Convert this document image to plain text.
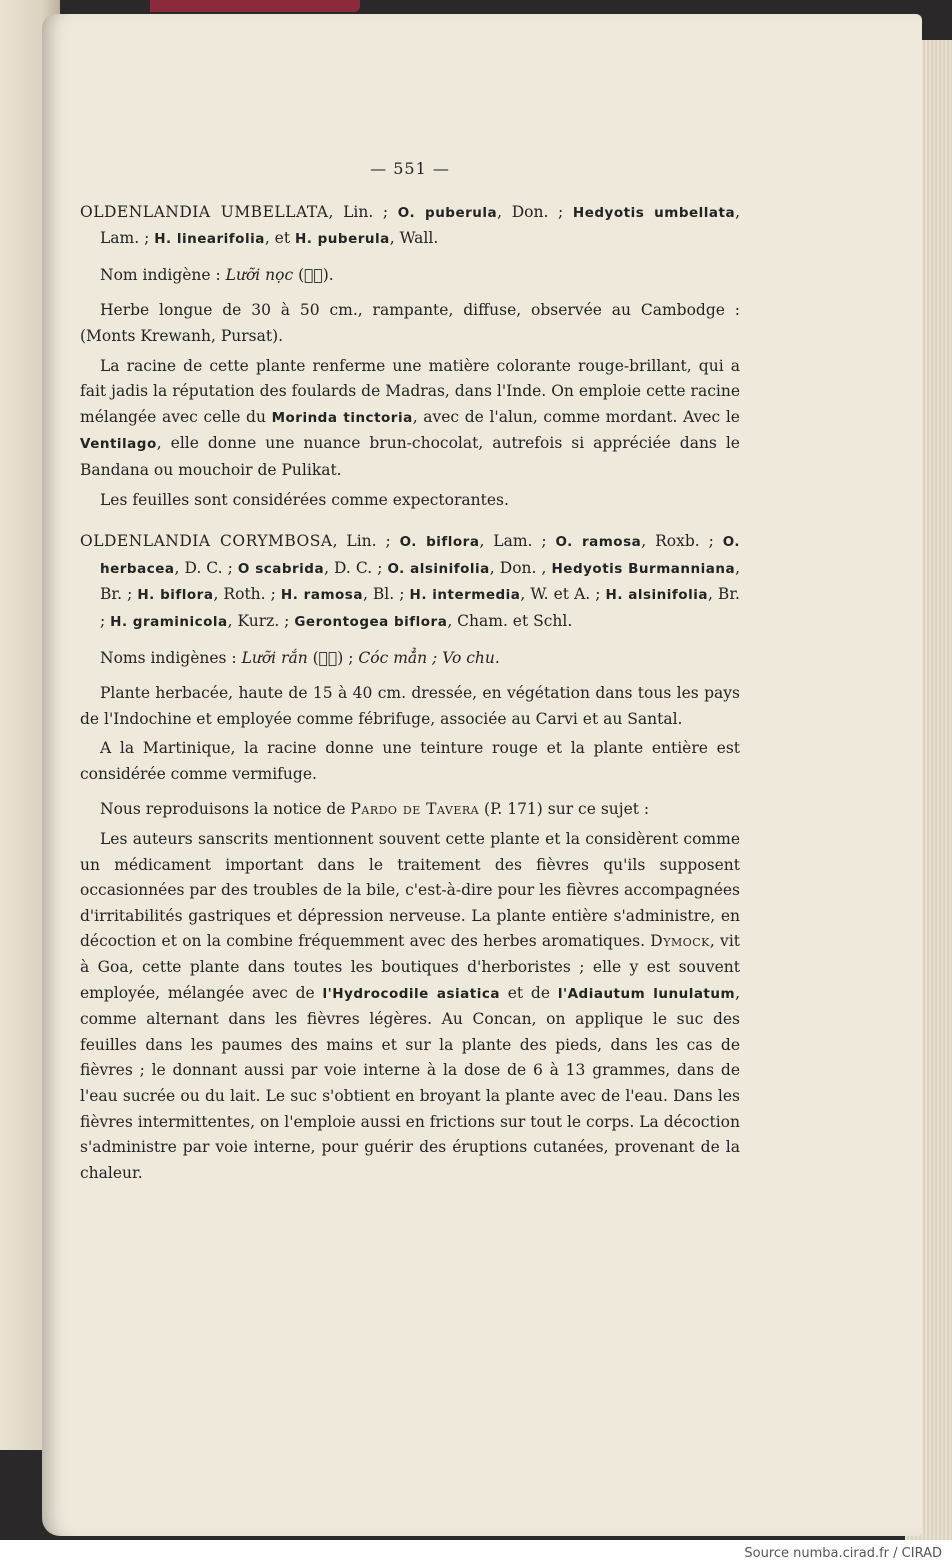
— 551 —

OLDENLANDIA UMBELLATA, Lin. ; O. puberula, Don. ; Hedyotis umbellata, Lam. ; H. linearifolia, et H. puberula, Wall.

Nom indigène : Lưỡi nọc (𦧜毒).

Herbe longue de 30 à 50 cm., rampante, diffuse, observée au Cambodge : (Monts Krewanh, Pursat).

La racine de cette plante renferme une matière colorante rouge-brillant, qui a fait jadis la réputation des foulards de Madras, dans l'Inde. On emploie cette racine mélangée avec celle du Morinda tinctoria, avec de l'alun, comme mordant. Avec le Ventilago, elle donne une nuance brun-chocolat, autrefois si appréciée dans le Bandana ou mouchoir de Pulikat.

Les feuilles sont considérées comme expectorantes.

OLDENLANDIA CORYMBOSA, Lin. ; O. biflora, Lam. ; O. ramosa, Roxb. ; O. herbacea, D. C. ; O scabrida, D. C. ; O. alsinifolia, Don. , Hedyotis Burmanniana, Br. ; H. biflora, Roth. ; H. ramosa, Bl. ; H. intermedia, W. et A. ; H. alsinifolia, Br. ; H. graminicola, Kurz. ; Gerontogea biflora, Cham. et Schl.

Noms indigènes : Lưỡi rắn (𦧜蛇) ; Cóc mẳn ; Vo chu.

Plante herbacée, haute de 15 à 40 cm. dressée, en végétation dans tous les pays de l'Indochine et employée comme fébrifuge, associée au Carvi et au Santal.

A la Martinique, la racine donne une teinture rouge et la plante entière est considérée comme vermifuge.

Nous reproduisons la notice de Pardo de Tavera (P. 171) sur ce sujet :

Les auteurs sanscrits mentionnent souvent cette plante et la considèrent comme un médicament important dans le traitement des fièvres qu'ils supposent occasionnées par des troubles de la bile, c'est-à-dire pour les fièvres accompagnées d'irritabilités gastriques et dépression nerveuse. La plante entière s'administre, en décoction et on la combine fréquemment avec des herbes aromatiques. Dymock, vit à Goa, cette plante dans toutes les boutiques d'herboristes ; elle y est souvent employée, mélangée avec de l'Hydrocodile asiatica et de l'Adiautum lunulatum, comme alternant dans les fièvres légères. Au Concan, on applique le suc des feuilles dans les paumes des mains et sur la plante des pieds, dans les cas de fièvres ; le donnant aussi par voie interne à la dose de 6 à 13 grammes, dans de l'eau sucrée ou du lait. Le suc s'obtient en broyant la plante avec de l'eau. Dans les fièvres intermittentes, on l'emploie aussi en frictions sur tout le corps. La décoction s'administre par voie interne, pour guérir des éruptions cutanées, provenant de la chaleur.

Source numba.cirad.fr / CIRAD
